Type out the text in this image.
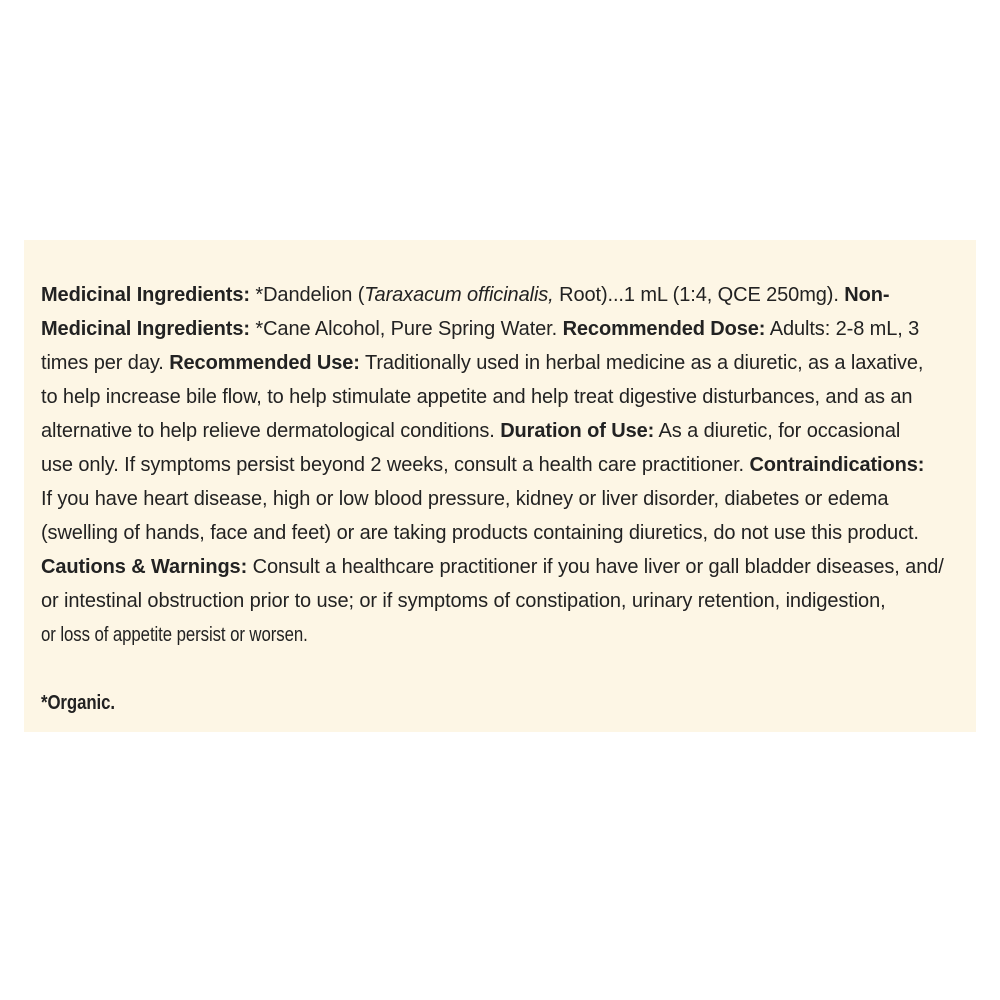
Medicinal Ingredients: *Dandelion (Taraxacum officinalis, Root)...1 mL (1:4, QCE 250mg). Non-
Medicinal Ingredients: *Cane Alcohol, Pure Spring Water. Recommended Dose: Adults: 2-8 mL, 3
times per day. Recommended Use: Traditionally used in herbal medicine as a diuretic, as a laxative,
to help increase bile flow, to help stimulate appetite and help treat digestive disturbances, and as an
alternative to help relieve dermatological conditions. Duration of Use: As a diuretic, for occasional
use only. If symptoms persist beyond 2 weeks, consult a health care practitioner. Contraindications:
If you have heart disease, high or low blood pressure, kidney or liver disorder, diabetes or edema
(swelling of hands, face and feet) or are taking products containing diuretics, do not use this product.
Cautions & Warnings: Consult a healthcare practitioner if you have liver or gall bladder diseases, and/
or intestinal obstruction prior to use; or if symptoms of constipation, urinary retention, indigestion,
or loss of appetite persist or worsen.
*Organic.
